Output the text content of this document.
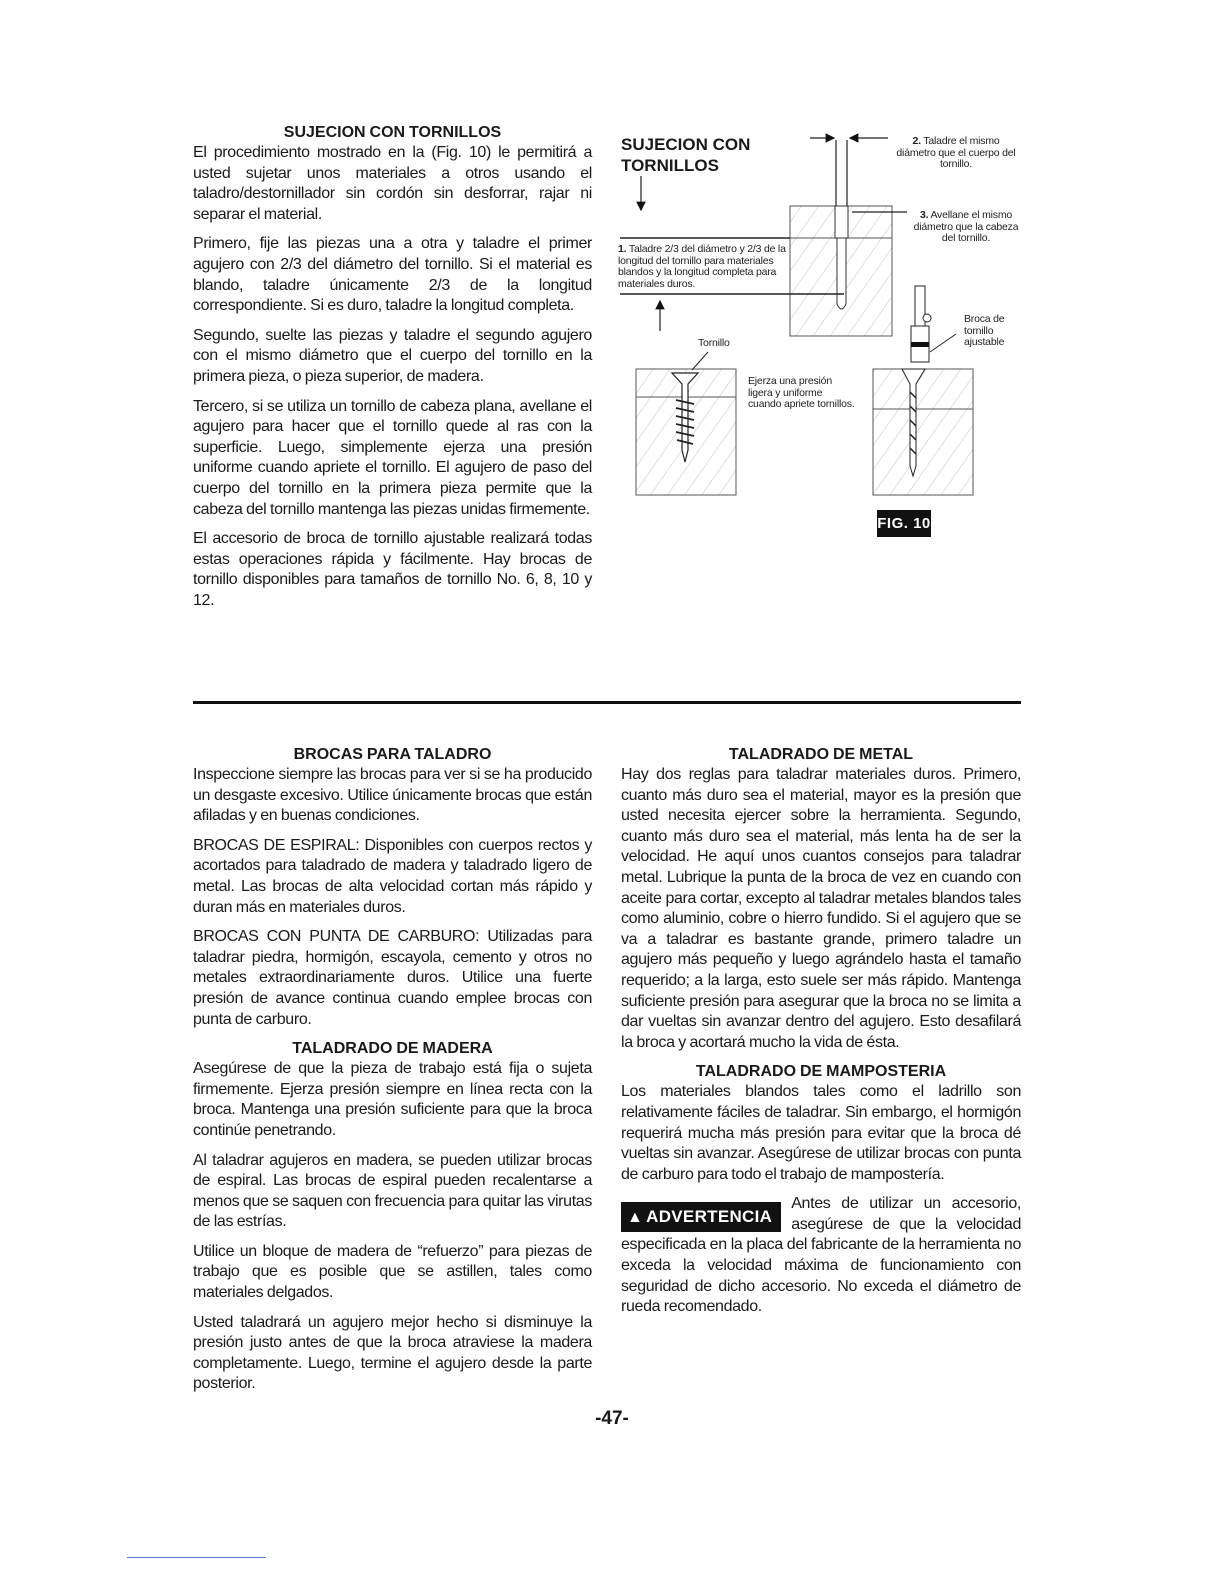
SUJECION CON TORNILLOS

El procedimiento mostrado en la (Fig. 10) le permitirá a usted sujetar unos materiales a otros usando el taladro/destornillador sin cordón sin desforrar, rajar ni separar el material.

Primero, fije las piezas una a otra y taladre el primer agujero con 2/3 del diámetro del tornillo. Si el material es blando, taladre únicamente 2/3 de la longitud correspondiente. Si es duro, taladre la longitud completa.

Segundo, suelte las piezas y taladre el segundo agujero con el mismo diámetro que el cuerpo del tornillo en la primera pieza, o pieza superior, de madera.

Tercero, si se utiliza un tornillo de cabeza plana, avellane el agujero para hacer que el tornillo quede al ras con la superficie. Luego, simplemente ejerza una presión uniforme cuando apriete el tornillo. El agujero de paso del cuerpo del tornillo en la primera pieza permite que la cabeza del tornillo mantenga las piezas unidas firmemente.

El accesorio de broca de tornillo ajustable realizará todas estas operaciones rápida y fácilmente. Hay brocas de tornillo disponibles para tamaños de tornillo No. 6, 8, 10 y 12.

SUJECION CON TORNILLOS
1. Taladre 2/3 del diámetro y 2/3 de la longitud del tornillo para materiales blandos y la longitud completa para materiales duros.
2. Taladre el mismo diámetro que el cuerpo del tornillo.
3. Avellane el mismo diámetro que la cabeza del tornillo.
Tornillo
Ejerza una presión ligera y uniforme cuando apriete tornillos.
Broca de tornillo ajustable
FIG. 10
BROCAS PARA TALADRO

Inspeccione siempre las brocas para ver si se ha producido un desgaste excesivo. Utilice únicamente brocas que están afiladas y en buenas condiciones.

BROCAS DE ESPIRAL: Disponibles con cuerpos rectos y acortados para taladrado de madera y taladrado ligero de metal. Las brocas de alta velocidad cortan más rápido y duran más en materiales duros.

BROCAS CON PUNTA DE CARBURO: Utilizadas para taladrar piedra, hormigón, escayola, cemento y otros no metales extraordinariamente duros. Utilice una fuerte presión de avance continua cuando emplee brocas con punta de carburo.

TALADRADO DE MADERA

Asegúrese de que la pieza de trabajo está fija o sujeta firmemente. Ejerza presión siempre en línea recta con la broca. Mantenga una presión suficiente para que la broca continúe penetrando.

Al taladrar agujeros en madera, se pueden utilizar brocas de espiral. Las brocas de espiral pueden recalentarse a menos que se saquen con frecuencia para quitar las virutas de las estrías.

Utilice un bloque de madera de “refuerzo” para piezas de trabajo que es posible que se astillen, tales como materiales delgados.

Usted taladrará un agujero mejor hecho si disminuye la presión justo antes de que la broca atraviese la madera completamente. Luego, termine el agujero desde la parte posterior.

TALADRADO DE METAL

Hay dos reglas para taladrar materiales duros. Primero, cuanto más duro sea el material, mayor es la presión que usted necesita ejercer sobre la herramienta. Segundo, cuanto más duro sea el material, más lenta ha de ser la velocidad. He aquí unos cuantos consejos para taladrar metal. Lubrique la punta de la broca de vez en cuando con aceite para cortar, excepto al taladrar metales blandos tales como aluminio, cobre o hierro fundido. Si el agujero que se va a taladrar es bastante grande, primero taladre un agujero más pequeño y luego agrándelo hasta el tamaño requerido; a la larga, esto suele ser más rápido. Mantenga suficiente presión para asegurar que la broca no se limita a dar vueltas sin avanzar dentro del agujero. Esto desafilará la broca y acortará mucho la vida de ésta.

TALADRADO DE MAMPOSTERIA

Los materiales blandos tales como el ladrillo son relativamente fáciles de taladrar. Sin embargo, el hormigón requerirá mucha más presión para evitar que la broca dé vueltas sin avanzar. Asegúrese de utilizar brocas con punta de carburo para todo el trabajo de mampostería.

▲ ADVERTENCIA

Antes de utilizar un accesorio, asegúrese de que la velocidad especificada en la placa del fabricante de la herramienta no exceda la velocidad máxima de funcionamiento con seguridad de dicho accesorio. No exceda el diámetro de rueda recomendado.

-47-
